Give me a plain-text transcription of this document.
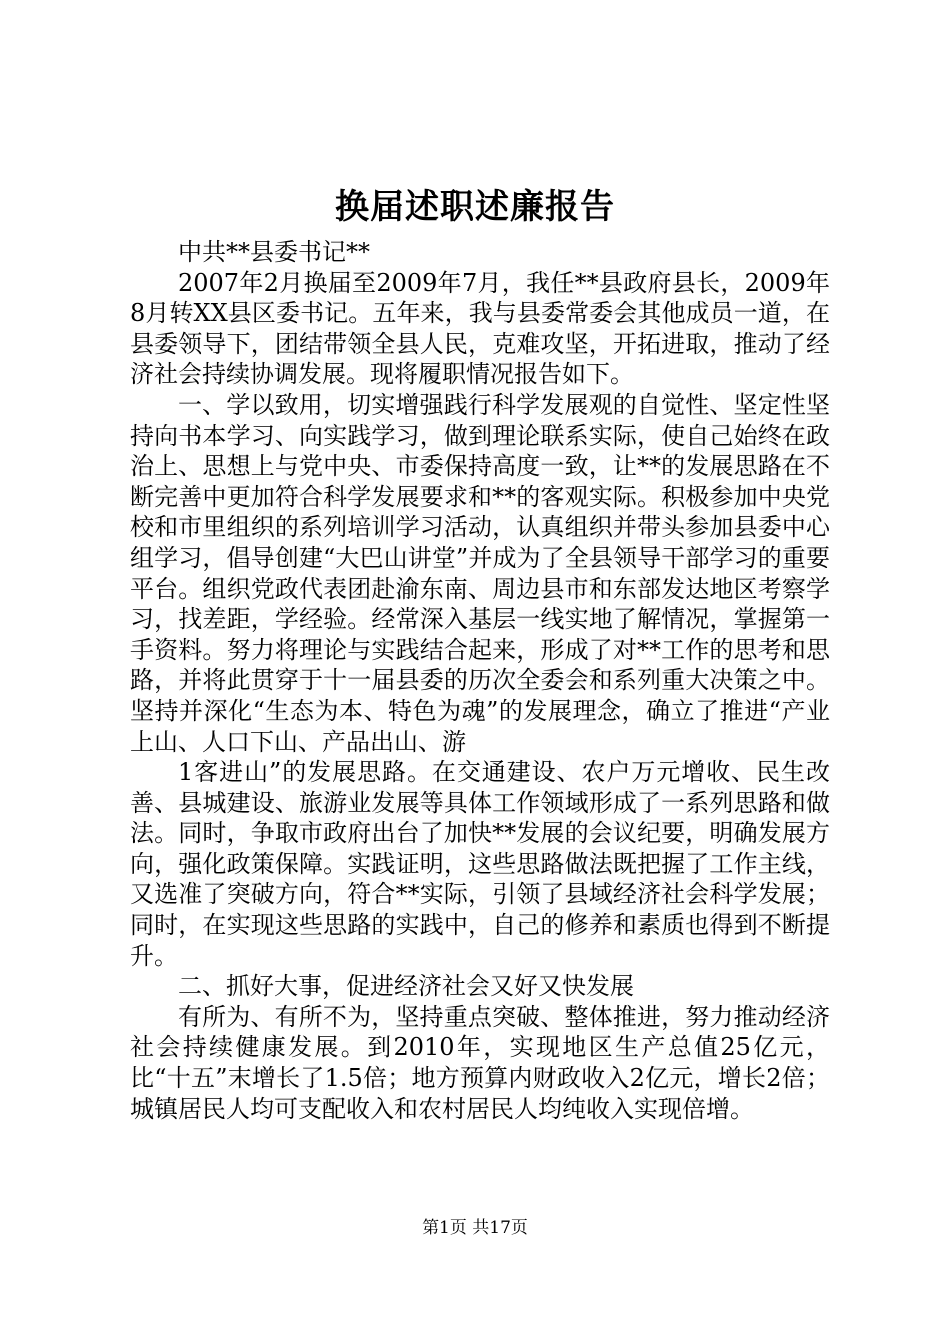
换届述职述廉报告

中共**县委书记**

2007年2月换届至2009年7月，我任**县政府县长，2009年8月转XX县区委书记。五年来，我与县委常委会其他成员一道，在县委领导下，团结带领全县人民，克难攻坚，开拓进取，推动了经济社会持续协调发展。现将履职情况报告如下。

一、学以致用，切实增强践行科学发展观的自觉性、坚定性坚持向书本学习、向实践学习，做到理论联系实际，使自己始终在政治上、思想上与党中央、市委保持高度一致，让**的发展思路在不断完善中更加符合科学发展要求和**的客观实际。积极参加中央党校和市里组织的系列培训学习活动，认真组织并带头参加县委中心组学习，倡导创建“大巴山讲堂”并成为了全县领导干部学习的重要平台。组织党政代表团赴渝东南、周边县市和东部发达地区考察学习，找差距，学经验。经常深入基层一线实地了解情况，掌握第一手资料。努力将理论与实践结合起来，形成了对**工作的思考和思路，并将此贯穿于十一届县委的历次全委会和系列重大决策之中。坚持并深化“生态为本、特色为魂”的发展理念，确立了推进“产业上山、人口下山、产品出山、游

1客进山”的发展思路。在交通建设、农户万元增收、民生改善、县城建设、旅游业发展等具体工作领域形成了一系列思路和做法。同时，争取市政府出台了加快**发展的会议纪要，明确发展方向，强化政策保障。实践证明，这些思路做法既把握了工作主线，又选准了突破方向，符合**实际，引领了县域经济社会科学发展；同时，在实现这些思路的实践中，自己的修养和素质也得到不断提升。

二、抓好大事，促进经济社会又好又快发展

有所为、有所不为，坚持重点突破、整体推进，努力推动经济社会持续健康发展。到2010年，实现地区生产总值25亿元，比“十五”末增长了1.5倍；地方预算内财政收入2亿元，增长2倍；城镇居民人均可支配收入和农村居民人均纯收入实现倍增。

第1页 共17页
